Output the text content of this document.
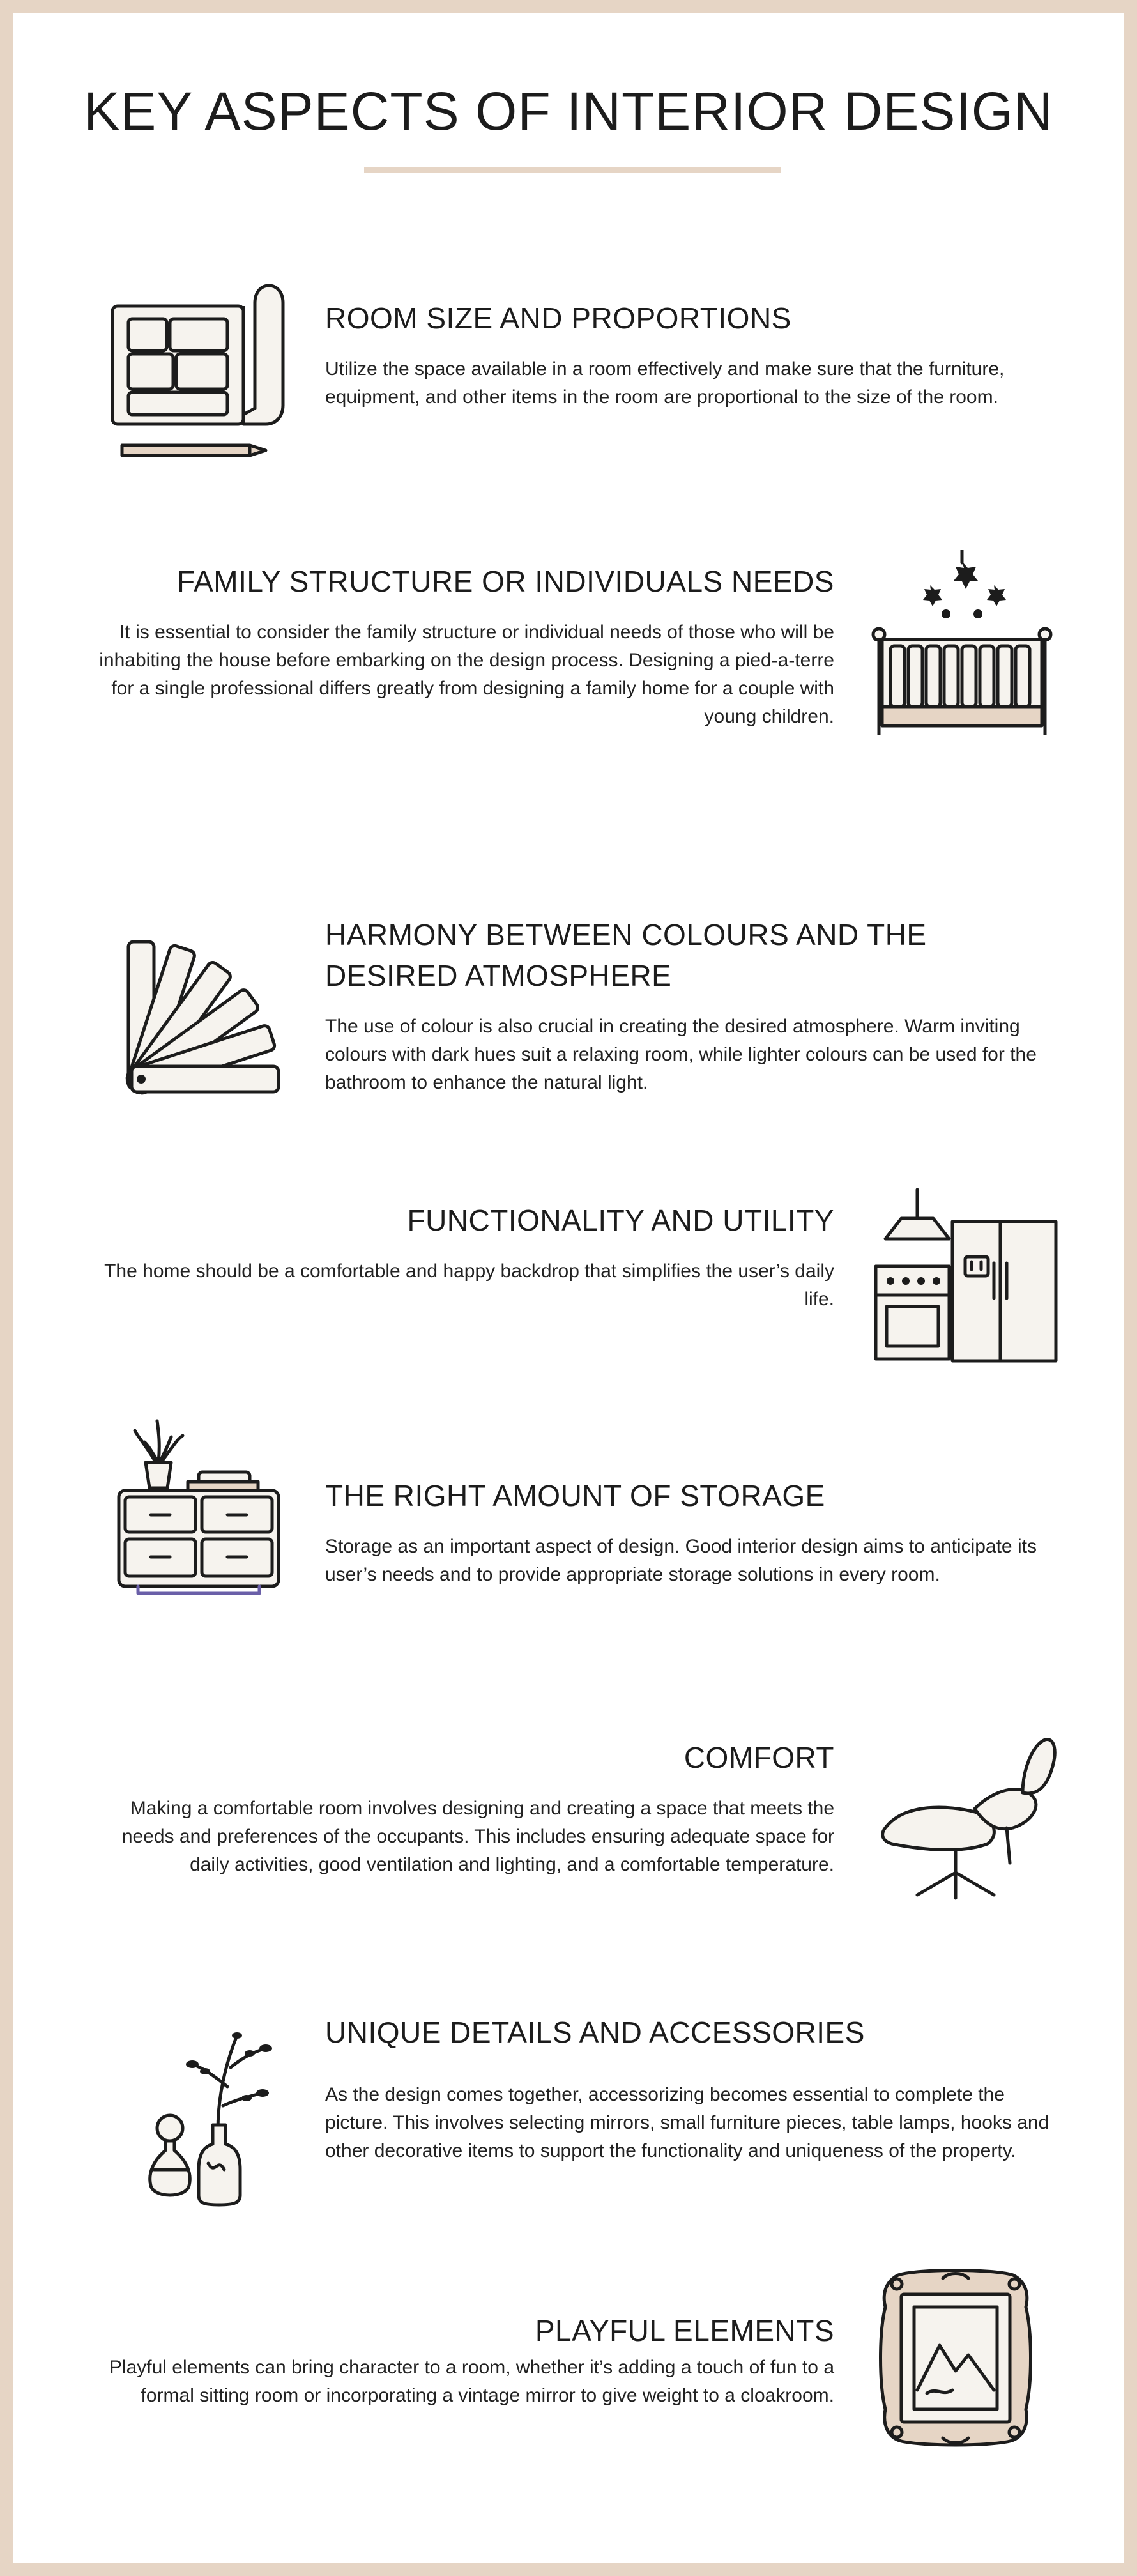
KEY ASPECTS OF INTERIOR DESIGN
ROOM SIZE AND PROPORTIONS

Utilize the space available in a room effectively and make sure that the furniture, equipment, and other items in the room are proportional to the size of the room.

FAMILY STRUCTURE OR INDIVIDUALS NEEDS

It is essential to consider the family structure or individual needs of those who will be inhabiting the house before embarking on the design process. Designing a pied-a-terre for a single professional differs greatly from designing a family home for a couple with young children.

HARMONY BETWEEN COLOURS AND THE DESIRED ATMOSPHERE

The use of colour is also crucial in creating the desired atmosphere. Warm inviting colours with dark hues suit a relaxing room, while lighter colours can be used for the bathroom to enhance the natural light.

FUNCTIONALITY AND UTILITY

The home should be a comfortable and happy backdrop that simplifies the user’s daily life.

THE RIGHT AMOUNT OF STORAGE

Storage as an important aspect of design. Good interior design aims to anticipate its user’s needs and to provide appropriate storage solutions in every room.

COMFORT

Making a comfortable room involves designing and creating a space that meets the needs and preferences of the occupants. This includes ensuring adequate space for daily activities, good ventilation and lighting, and a comfortable temperature.

UNIQUE DETAILS AND ACCESSORIES

As the design comes together, accessorizing becomes essential to complete the picture. This involves selecting mirrors, small furniture pieces, table lamps, hooks and other decorative items to support the functionality and uniqueness of the property.

PLAYFUL ELEMENTS

Playful elements can bring character to a room, whether it’s adding a touch of fun to a formal sitting room or incorporating a vintage mirror to give weight to a cloakroom.
